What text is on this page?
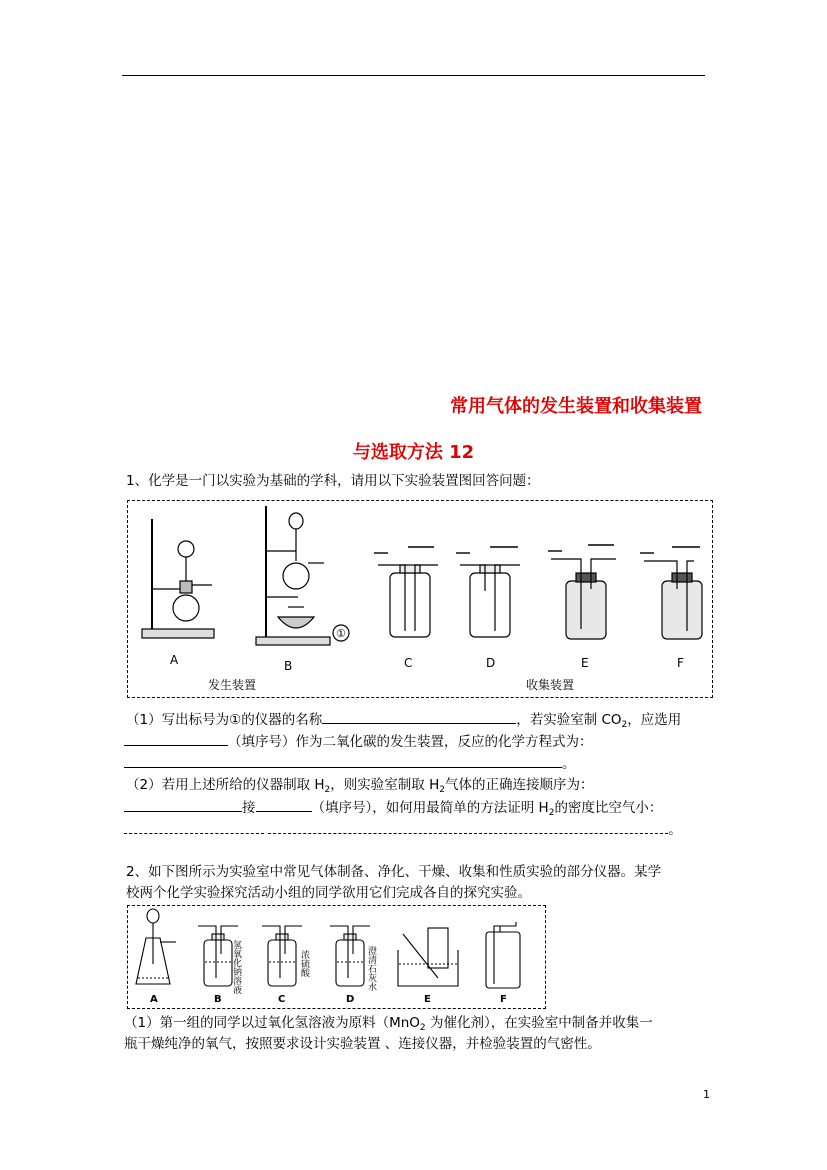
常用气体的发生装置和收集装置
与选取方法 12
1、化学是一门以实验为基础的学科，请用以下实验装置图回答问题：
①
A	B	C	D	E	F
发生装置	收集装置
（1）写出标号为①的仪器的名称	，若实验室制 $CO_2$，应选用
（填序号）作为二氧化碳的发生装置，反应的化学方程式为：
。
（2）若用上述所给的仪器制取 $H_2$，则实验室制取 $H_2$气体的正确连接顺序为：
接	（填序号），如何用最简单的方法证明 $H_2$的密度比空气小：
。
2、如下图所示为实验室中常见气体制备、净化、干燥、收集和性质实验的部分仪器。某学
校两个化学实验探究活动小组的同学欲用它们完成各自的探究实验。
氢氧化钠溶液	浓硫酸	澄清石灰水
A	B	C	D	E	F
（1）第一组的同学以过氧化氢溶液为原料（MnO$_2$ 为催化剂），在实验室中制备并收集一
瓶干燥纯净的氧气，按照要求设计实验装置 、连接仪器，并检验装置的气密性。
1
